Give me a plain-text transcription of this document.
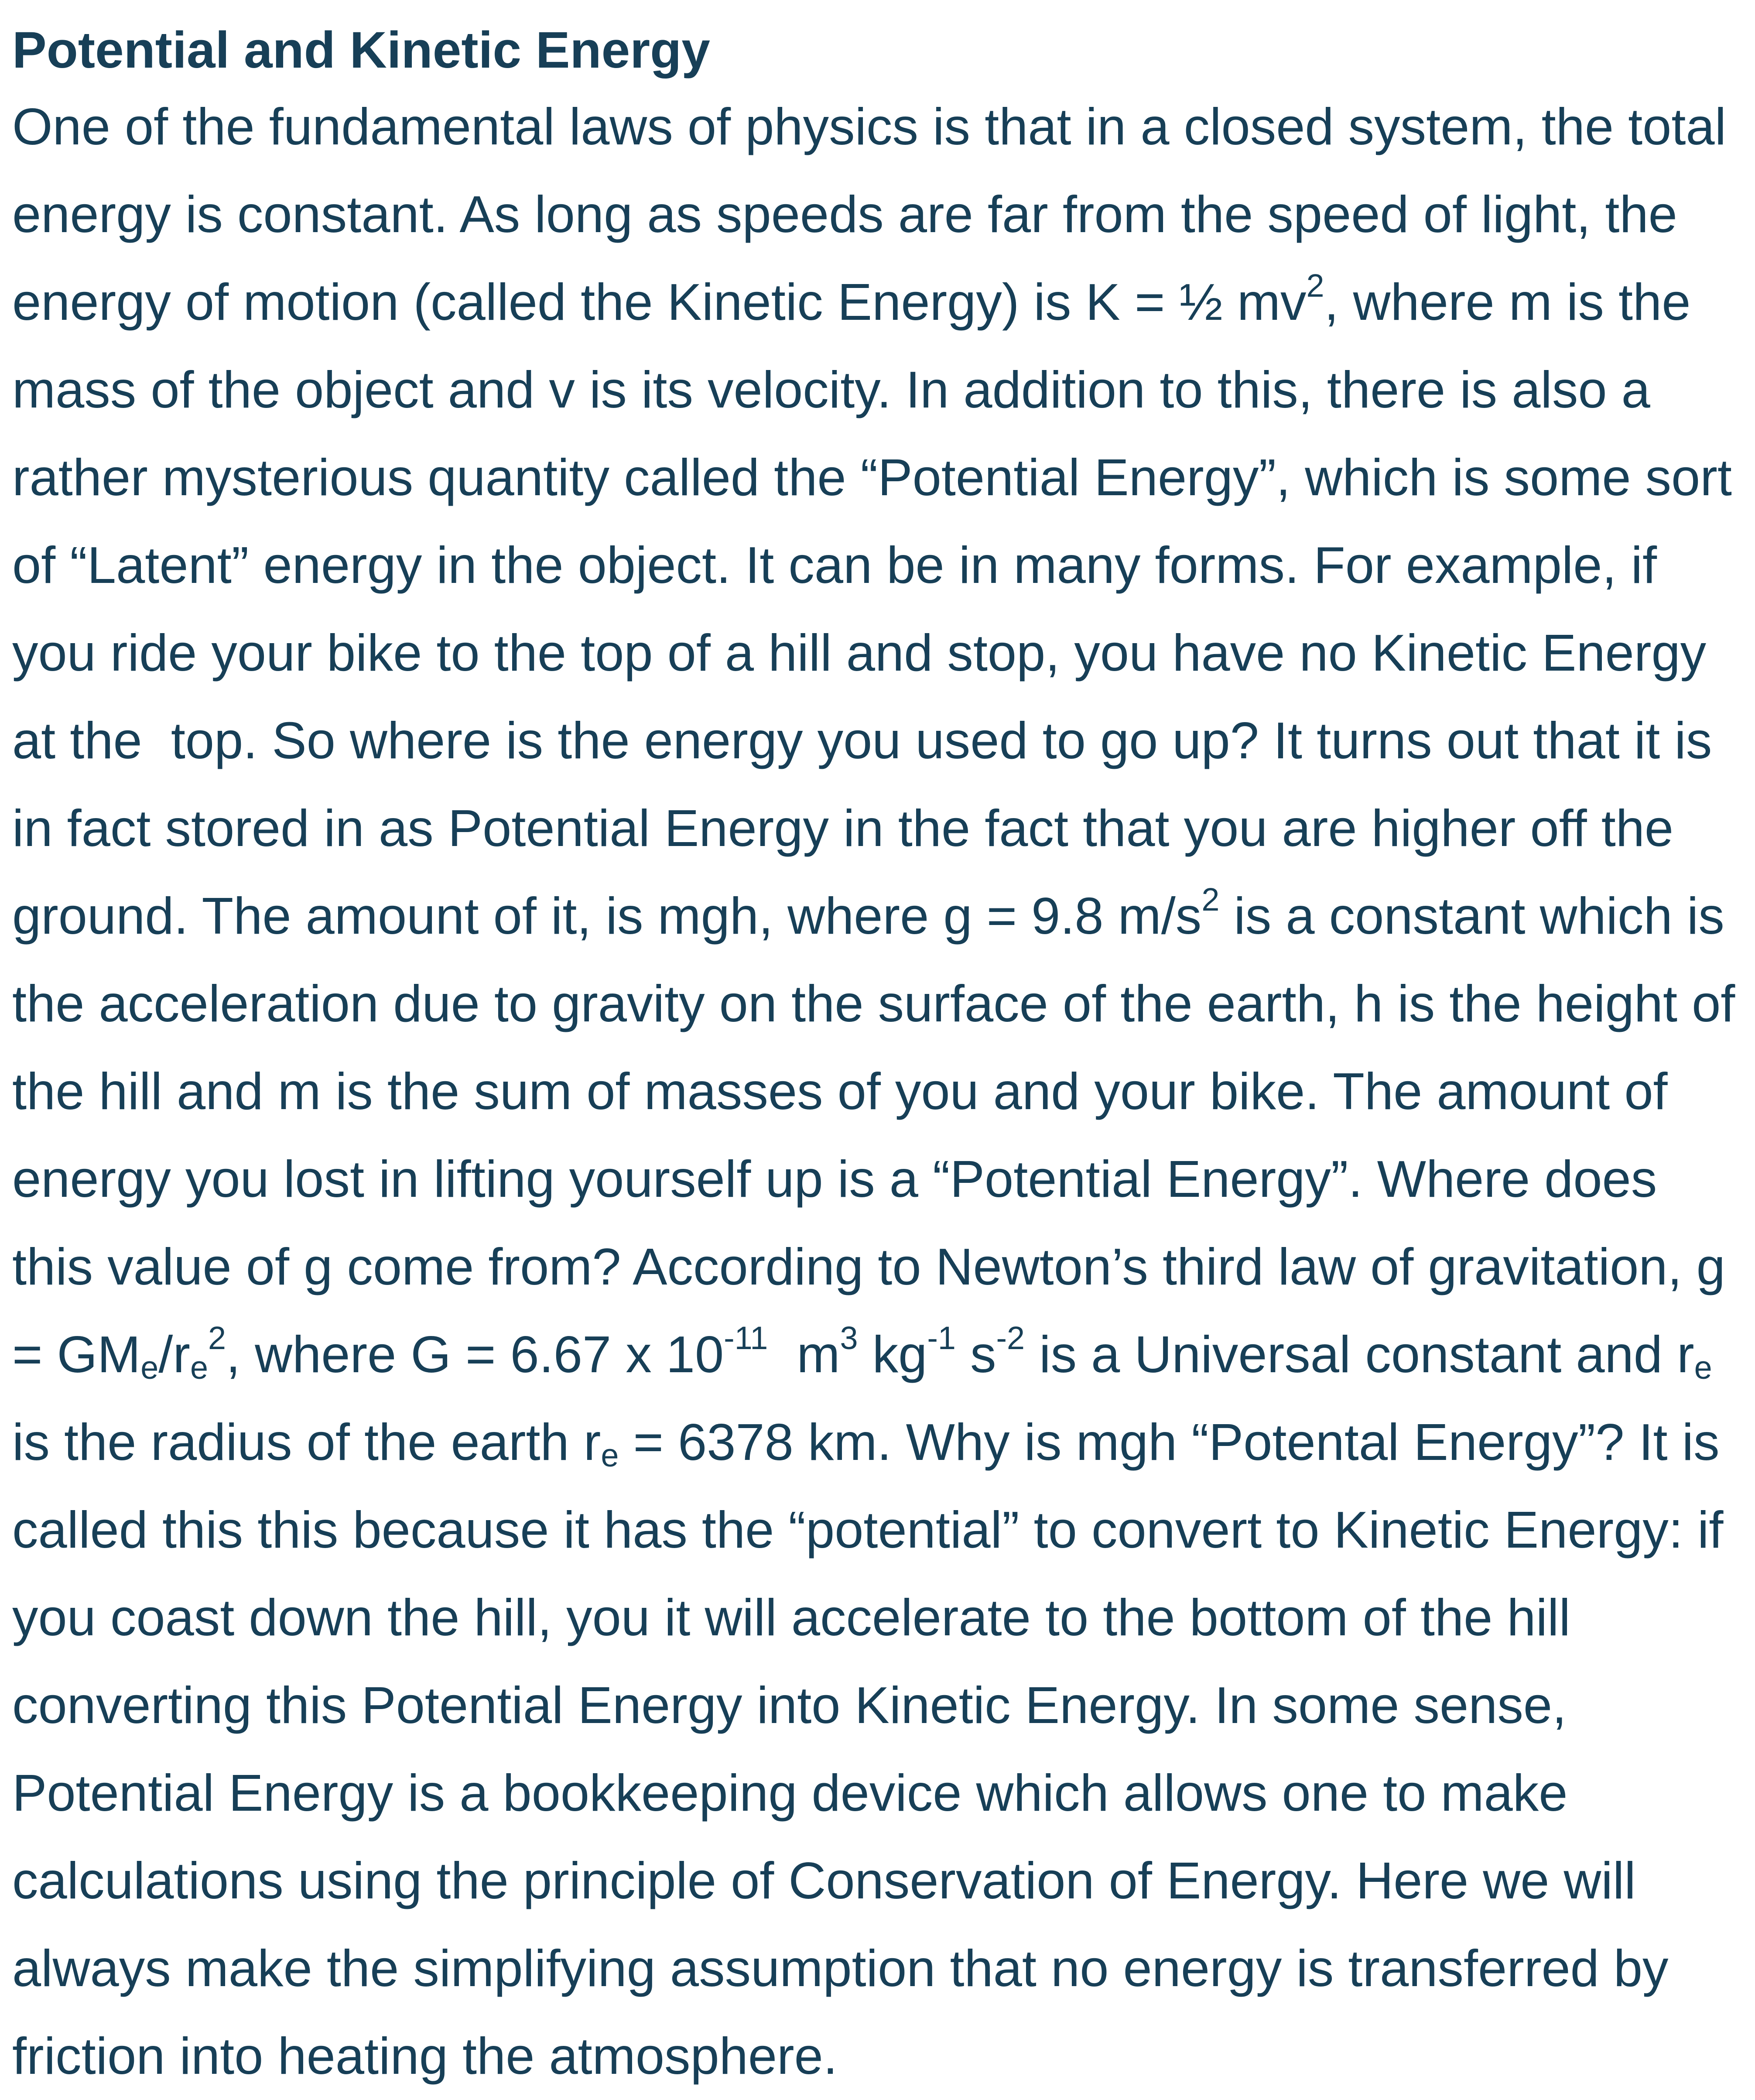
Potential and Kinetic Energy
One of the fundamental laws of physics is that in a closed system, the total
energy is constant. As long as speeds are far from the speed of light, the
energy of motion (called the Kinetic Energy) is K = ½ $mv^2$, where m is the
mass of the object and v is its velocity. In addition to this, there is also a
rather mysterious quantity called the “Potential Energy”, which is some sort
of “Latent” energy in the object. It can be in many forms. For example, if
you ride your bike to the top of a hill and stop, you have no Kinetic Energy
at the  top. So where is the energy you used to go up? It turns out that it is
in fact stored in as Potential Energy in the fact that you are higher off the
ground. The amount of it, is mgh, where g = 9.8 $m/s^2$ is a constant which is
the acceleration due to gravity on the surface of the earth, h is the height of
the hill and m is the sum of masses of you and your bike. The amount of
energy you lost in lifting yourself up is a “Potential Energy”. Where does
this value of g come from? According to Newton’s third law of gravitation, g
= $GM_e/r_e^2$, where G = 6.67 x $10^{-11}$  $m^3$ $kg^{-1}$ $s^{-2}$ is a Universal constant and $r_e$
is the radius of the earth $r_e = 6378$ km. Why is mgh “Potental Energy”? It is
called this this because it has the “potential” to convert to Kinetic Energy: if
you coast down the hill, you it will accelerate to the bottom of the hill
converting this Potential Energy into Kinetic Energy. In some sense,
Potential Energy is a bookkeeping device which allows one to make
calculations using the principle of Conservation of Energy. Here we will
always make the simplifying assumption that no energy is transferred by
friction into heating the atmosphere.
